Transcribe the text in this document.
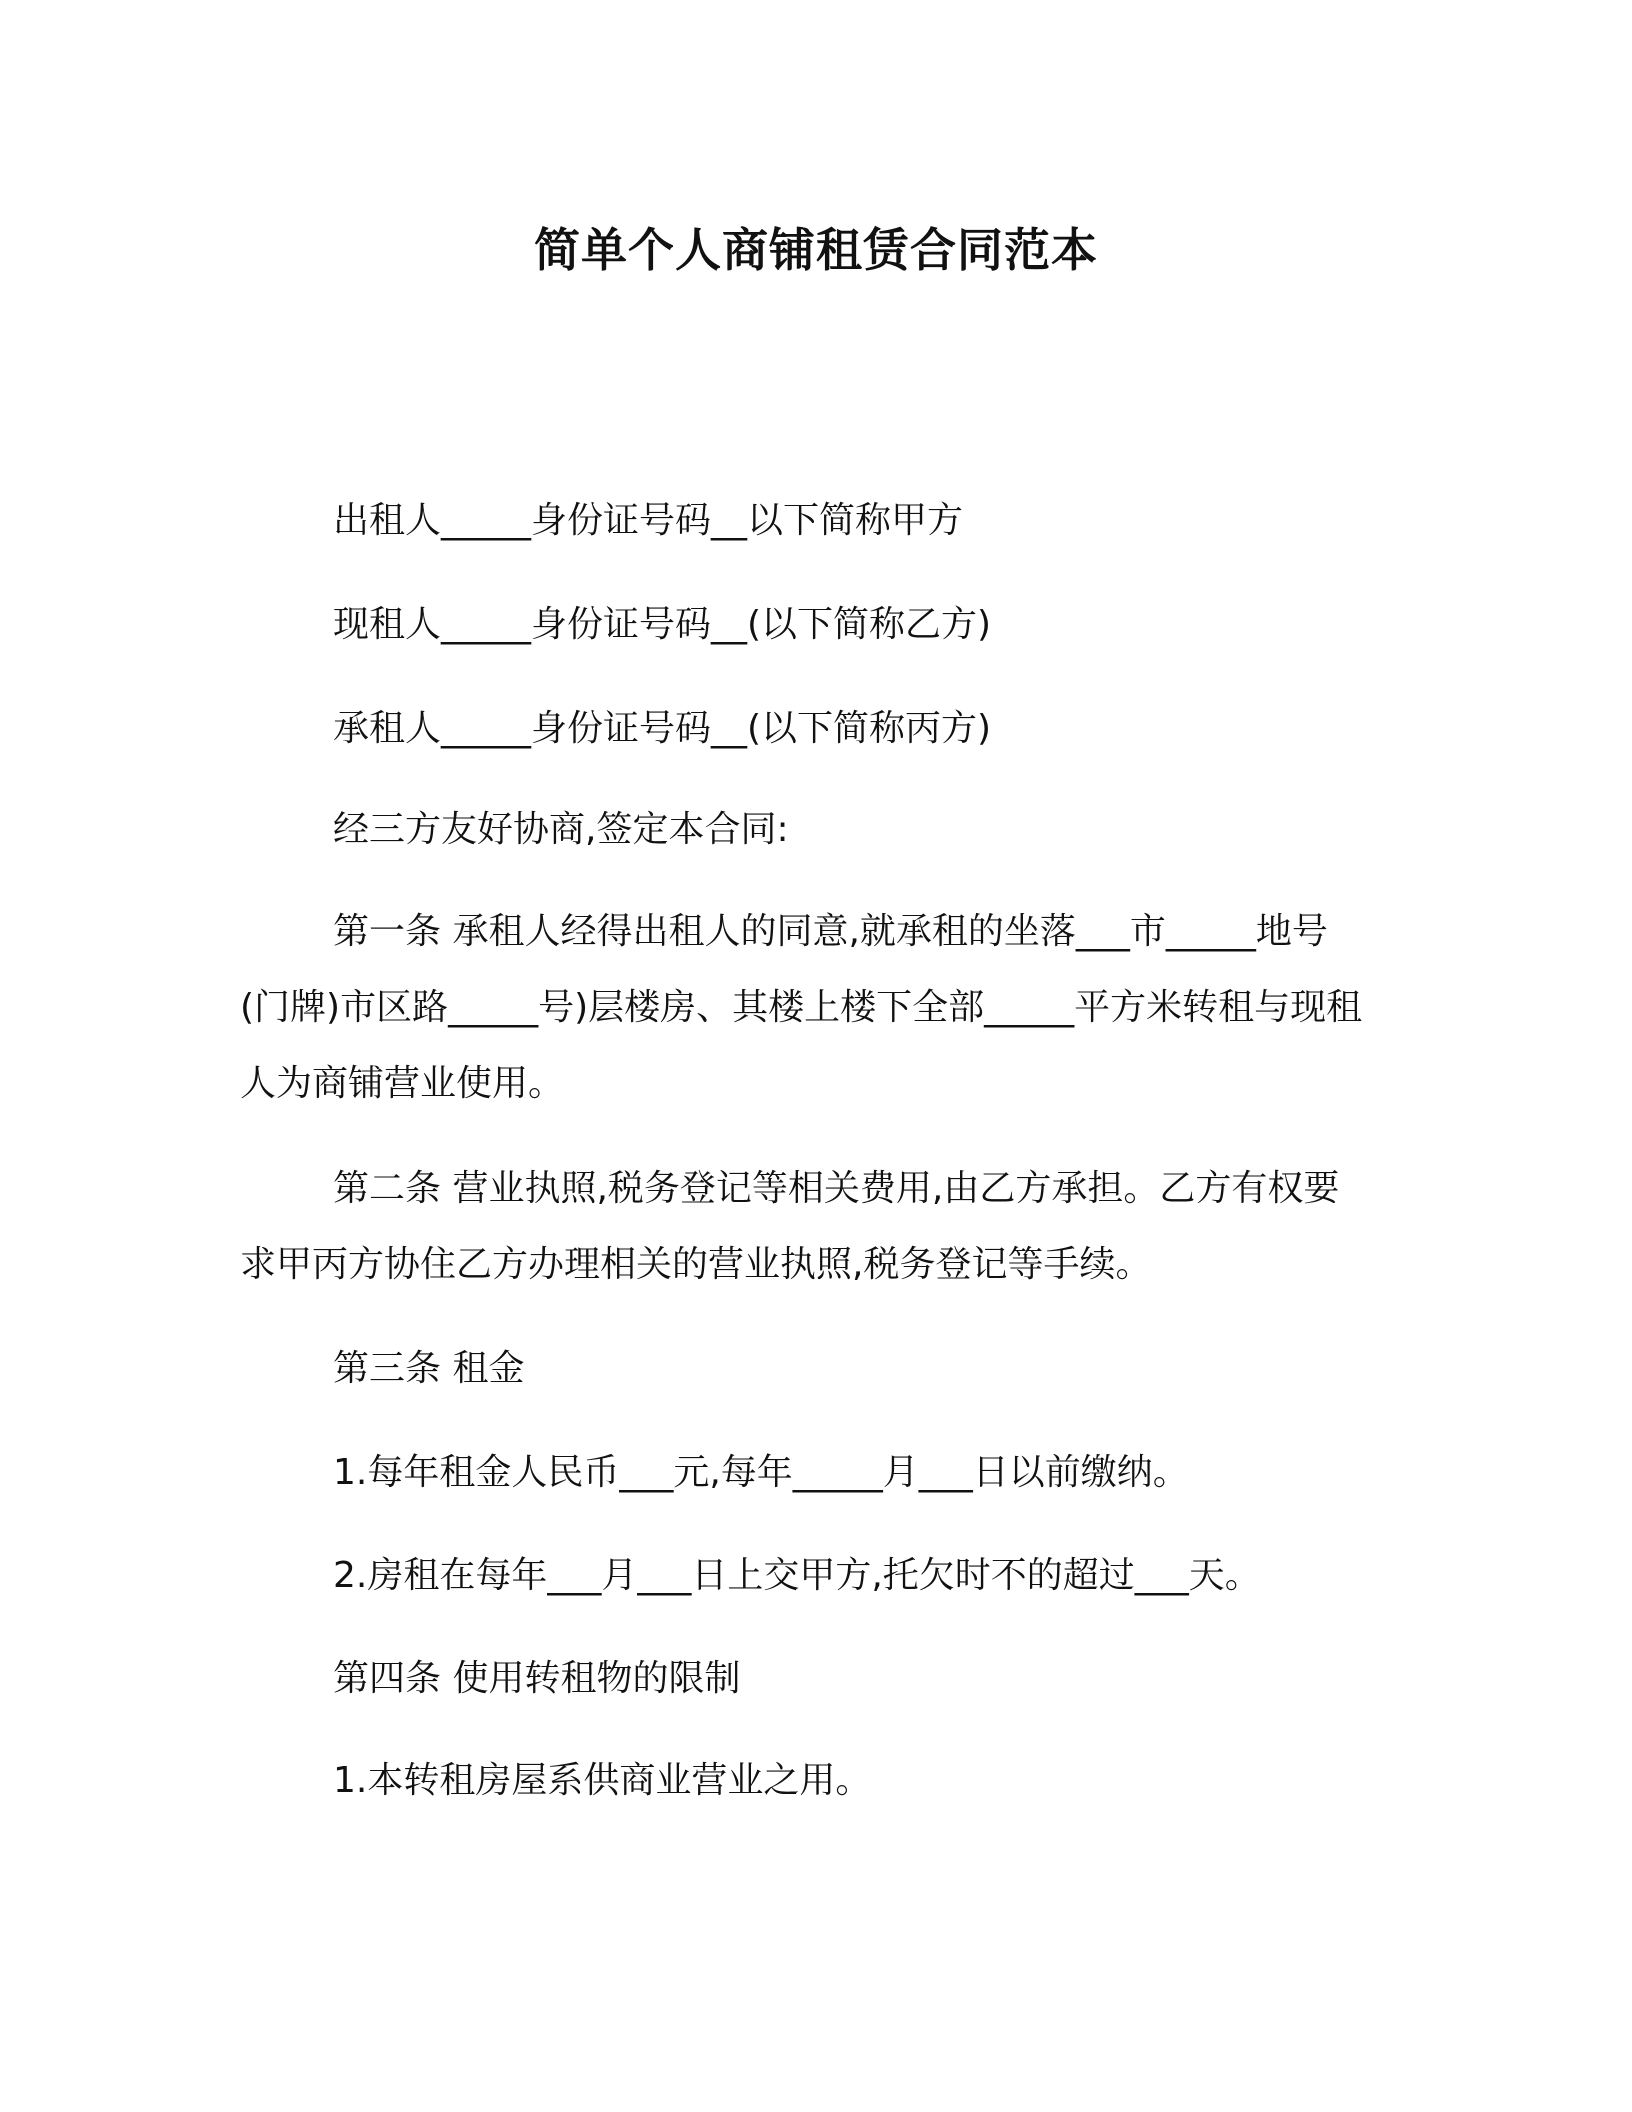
简单个人商铺租赁合同范本
出租人_____身份证号码__以下简称甲方
现租人_____身份证号码__(以下简称乙方)
承租人_____身份证号码__(以下简称丙方)
经三方友好协商,签定本合同:
第一条 承租人经得出租人的同意,就承租的坐落___市_____地号
(门牌)市区路_____号)层楼房、其楼上楼下全部_____平方米转租与现租
人为商铺营业使用。
第二条 营业执照,税务登记等相关费用,由乙方承担。乙方有权要
求甲丙方协住乙方办理相关的营业执照,税务登记等手续。
第三条 租金
1.每年租金人民币___元,每年_____月___日以前缴纳。
2.房租在每年___月___日上交甲方,托欠时不的超过___天。
第四条 使用转租物的限制
1.本转租房屋系供商业营业之用。
